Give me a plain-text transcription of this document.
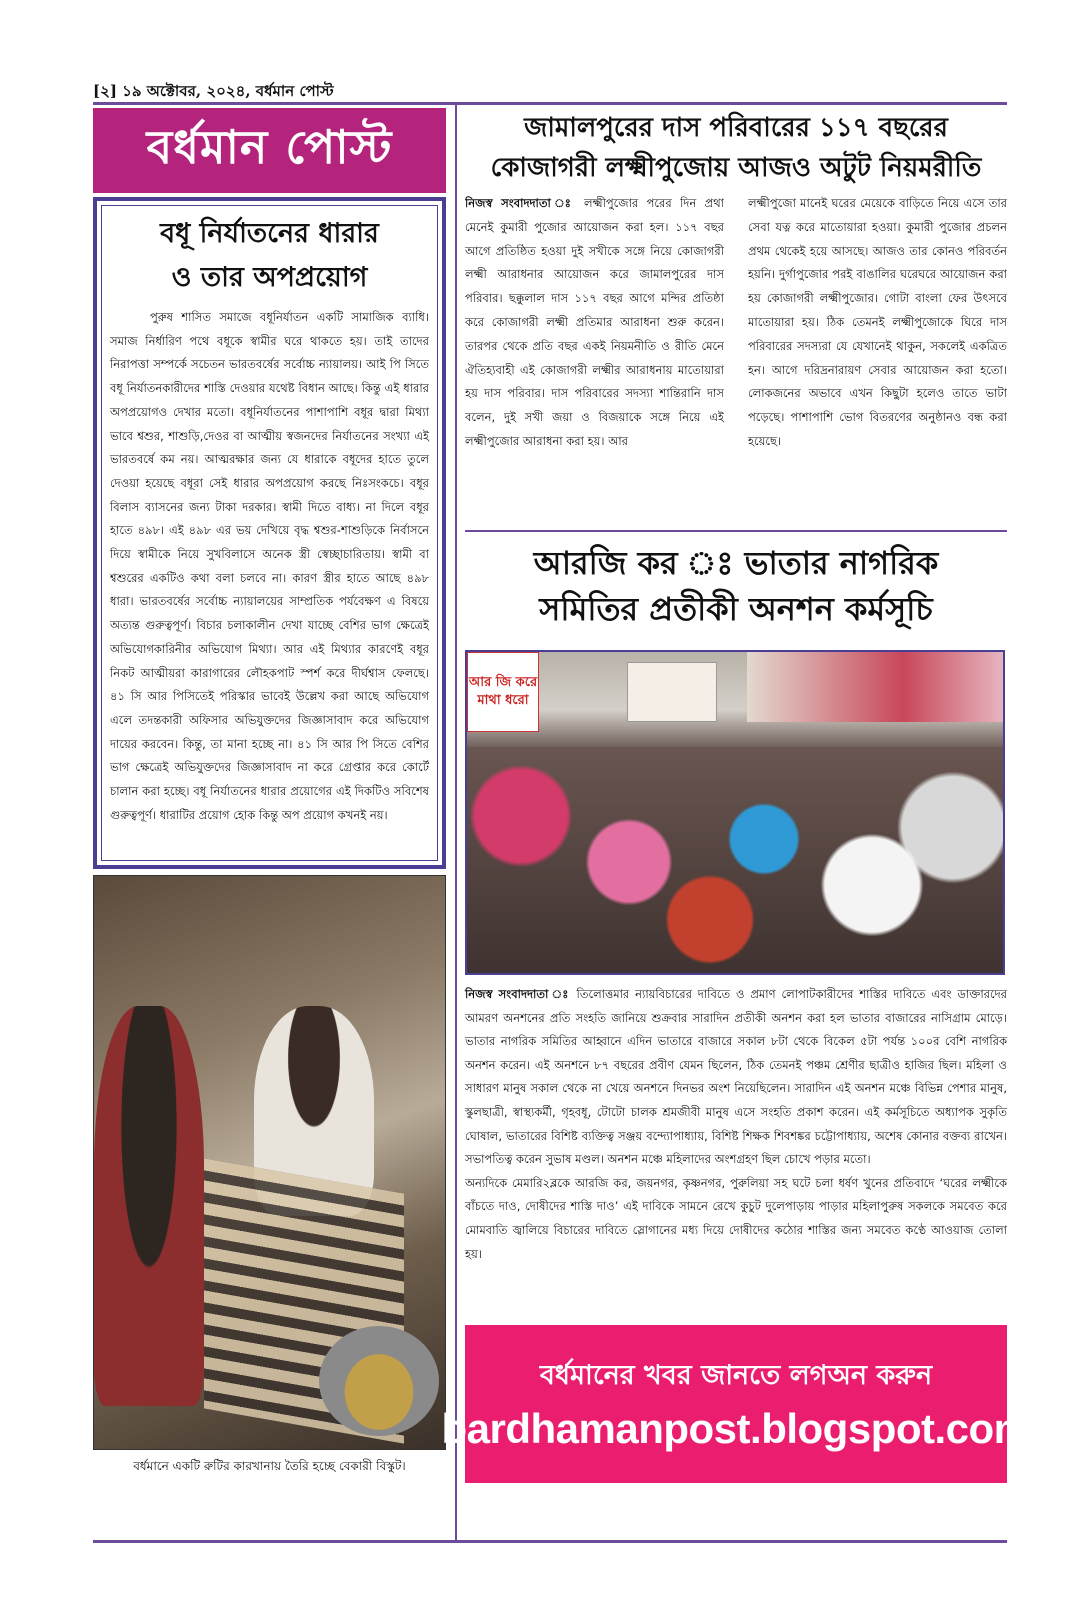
[২] ১৯ অক্টোবর, ২০২৪, বর্ধমান পোস্ট
বর্ধমান পোস্ট
বধূ নির্যাতনের ধারার
ও তার অপপ্রয়োগ

পুরুষ শাসিত সমাজে বধূনির্যাতন একটি সামাজিক ব্যাধি। সমাজ নির্ধারিণ পথে বধূকে স্বামীর ঘরে থাকতে হয়। তাই তাদের নিরাপত্তা সম্পর্কে সচেতন ভারতবর্ষের সর্বোচ্চ ন্যায়ালয়। আই পি সিতে বধূ নির্যাতনকারীদের শাস্তি দেওয়ার যথেষ্ট বিধান আছে। কিন্তু এই ধারার অপপ্রয়োগও দেখার মতো। বধূনির্যাতনের পাশাপাশি বধূর দ্বারা মিথ্যা ভাবে শ্বশুর, শাশুড়ি,দেওর বা আত্মীয় স্বজনদের নির্যাতনের সংখ্যা এই ভারতবর্ষে কম নয়। আত্মরক্ষার জন্য যে ধারাকে বধূদের হাতে তুলে দেওয়া হয়েছে বধূরা সেই ধারার অপপ্রয়োগ করছে নিঃসংকচে। বধূর বিলাস ব্যাসনের জন্য টাকা দরকার। স্বামী দিতে বাধ্য। না দিলে বধূর হাতে ৪৯৮। এই ৪৯৮ এর ভয় দেখিয়ে বৃদ্ধ শ্বশুর-শাশুড়িকে নির্বাসনে দিয়ে স্বামীকে নিয়ে সুখবিলাসে অনেক স্ত্রী স্বেচ্ছাচারিতায়। স্বামী বা শ্বশুরের একটিও কথা বলা চলবে না। কারণ স্ত্রীর হাতে আছে ৪৯৮ ধারা। ভারতবর্ষের সর্বোচ্চ ন্যায়ালয়ের সাম্প্রতিক পর্যবেক্ষণ এ বিষয়ে অত্যন্ত গুরুত্বপূর্ণ। বিচার চলাকালীন দেখা যাচ্ছে বেশির ভাগ ক্ষেত্রেই অভিযোগকারিনীর অভিযোগ মিথ্যা। আর এই মিথ্যার কারণেই বধূর নিকট আত্মীয়রা কারাগারের লৌহকপাট স্পর্শ করে দীর্ঘশ্বাস ফেলছে। ৪১ সি আর পিসিতেই পরিস্কার ভাবেই উল্লেখ করা আছে অভিযোগ এলে তদন্তকারী অফিসার অভিযুক্তদের জিজ্ঞাসাবাদ করে অভিযোগ দায়ের করবেন। কিন্তু, তা মানা হচ্ছে না। ৪১ সি আর পি সিতে বেশির ভাগ ক্ষেত্রেই অভিযুক্তদের জিজ্ঞাসাবাদ না করে গ্রেপ্তার করে কোর্টে চালান করা হচ্ছে। বধূ নির্যাতনের ধারার প্রয়োগের এই দিকটিও সবিশেষ গুরুত্বপূর্ণ। ধারাটির প্রয়োগ হোক কিন্তু অপ প্রয়োগ কখনই নয়।

বর্ধমানে একটি রুটির কারখানায় তৈরি হচ্ছে বেকারী বিস্কুট।
জামালপুরের দাস পরিবারের ১১৭ বছরের
কোজাগরী লক্ষ্মীপুজোয় আজও অটুট নিয়মরীতি
নিজস্ব সংবাদদাতা ঃ লক্ষ্মীপুজোর পরের দিন প্রথা মেনেই কুমারী পুজোর আয়োজন করা হল। ১১৭ বছর আগে প্রতিষ্ঠিত হওয়া দুই সখীকে সঙ্গে নিয়ে কোজাগরী লক্ষ্মী আরাধনার আয়োজন করে জামালপুরের দাস পরিবার। ছক্কুলাল দাস ১১৭ বছর আগে মন্দির প্রতিষ্ঠা করে কোজাগরী লক্ষ্মী প্রতিমার আরাধনা শুরু করেন। তারপর থেকে প্রতি বছর একই নিয়মনীতি ও রীতি মেনে ঐতিহ্যবাহী এই কোজাগরী লক্ষ্মীর আরাধনায় মাতোয়ারা হয় দাস পরিবার। দাস পরিবারের সদস্যা শান্তিরানি দাস বলেন, দুই সখী জয়া ও বিজয়াকে সঙ্গে নিয়ে এই লক্ষ্মীপুজোর আরাধনা করা হয়। আর
লক্ষ্মীপুজো মানেই ঘরের মেয়েকে বাড়িতে নিয়ে এসে তার সেবা যত্ন করে মাতোয়ারা হওয়া। কুমারী পুজোর প্রচলন প্রথম থেকেই হয়ে আসছে। আজও তার কোনও পরিবর্তন হয়নি। দুর্গাপুজোর পরই বাঙালির ঘরেঘরে আয়োজন করা হয় কোজাগরী লক্ষ্মীপুজোর। গোটা বাংলা ফের উৎসবে মাতোয়ারা হয়। ঠিক তেমনই লক্ষ্মীপুজোকে ঘিরে দাস পরিবারের সদস্যরা যে যেখানেই থাকুন, সকলেই একত্রিত হন। আগে দরিদ্রনারায়ণ সেবার আয়োজন করা হতো। লোকজনের অভাবে এখন কিছুটা হলেও তাতে ভাটা পড়েছে। পাশাপাশি ভোগ বিতরণের অনুষ্ঠানও বন্ধ করা হয়েছে।
আরজি কর ঃ ভাতার নাগরিক
সমিতির প্রতীকী অনশন কর্মসূচি
আর জি করে
মাথা ধরো

নিজস্ব সংবাদদাতা ঃ তিলোত্তমার ন্যায়বিচারের দাবিতে ও প্রমাণ লোপাটকারীদের শাস্তির দাবিতে এবং ডাক্তারদের আমরণ অনশনের প্রতি সংহতি জানিয়ে শুক্রবার সারাদিন প্রতীকী অনশন করা হল ভাতার বাজারের নাসিগ্রাম মোড়ে। ভাতার নাগরিক সমিতির আহ্বানে এদিন ভাতারে বাজারে সকাল ৮টা থেকে বিকেল ৫টা পর্যন্ত ১০০র বেশি নাগরিক অনশন করেন। এই অনশনে ৮৭ বছরের প্রবীণ যেমন ছিলেন, ঠিক তেমনই পঞ্চম শ্রেণীর ছাত্রীও হাজির ছিল। মহিলা ও সাধারণ মানুষ সকাল থেকে না খেয়ে অনশনে দিনভর অংশ নিয়েছিলেন। সারাদিন এই অনশন মঞ্চে বিভিন্ন পেশার মানুষ, স্কুলছাত্রী, স্বাস্থ্যকর্মী, গৃহবধূ, টোটো চালক শ্রমজীবী মানুষ এসে সংহতি প্রকাশ করেন। এই কর্মসূচিতে অধ্যাপক সুকৃতি ঘোষাল, ভাতারের বিশিষ্ট ব্যক্তিত্ব সঞ্জয় বন্দ্যোপাধ্যায়, বিশিষ্ট শিক্ষক শিবশঙ্কর চট্টোপাধ্যায়, অশেষ কোনার বক্তব্য রাখেন। সভাপতিত্ব করেন সুভাষ মণ্ডল। অনশন মঞ্চে মহিলাদের অংশগ্রহণ ছিল চোখে পড়ার মতো।

অন্যদিকে মেমারি২ব্লকে আরজি কর, জয়নগর, কৃষ্ণনগর, পুরুলিয়া সহ ঘটে চলা ধর্ষণ খুনের প্রতিবাদে ‘ঘরের লক্ষ্মীকে বাঁচতে দাও, দোষীদের শাস্তি দাও’ এই দাবিকে সামনে রেখে কুচুট দুলেপাড়ায় পাড়ার মহিলাপুরুষ সকলকে সমবেত করে মোমবাতি জ্বালিয়ে বিচারের দাবিতে স্লোগানের মধ্য দিয়ে দোষীদের কঠোর শাস্তির জন্য সমবেত কণ্ঠে আওয়াজ তোলা হয়।

বর্ধমানের খবর জানতে লগঅন করুন
bardhamanpost.blogspot.com
